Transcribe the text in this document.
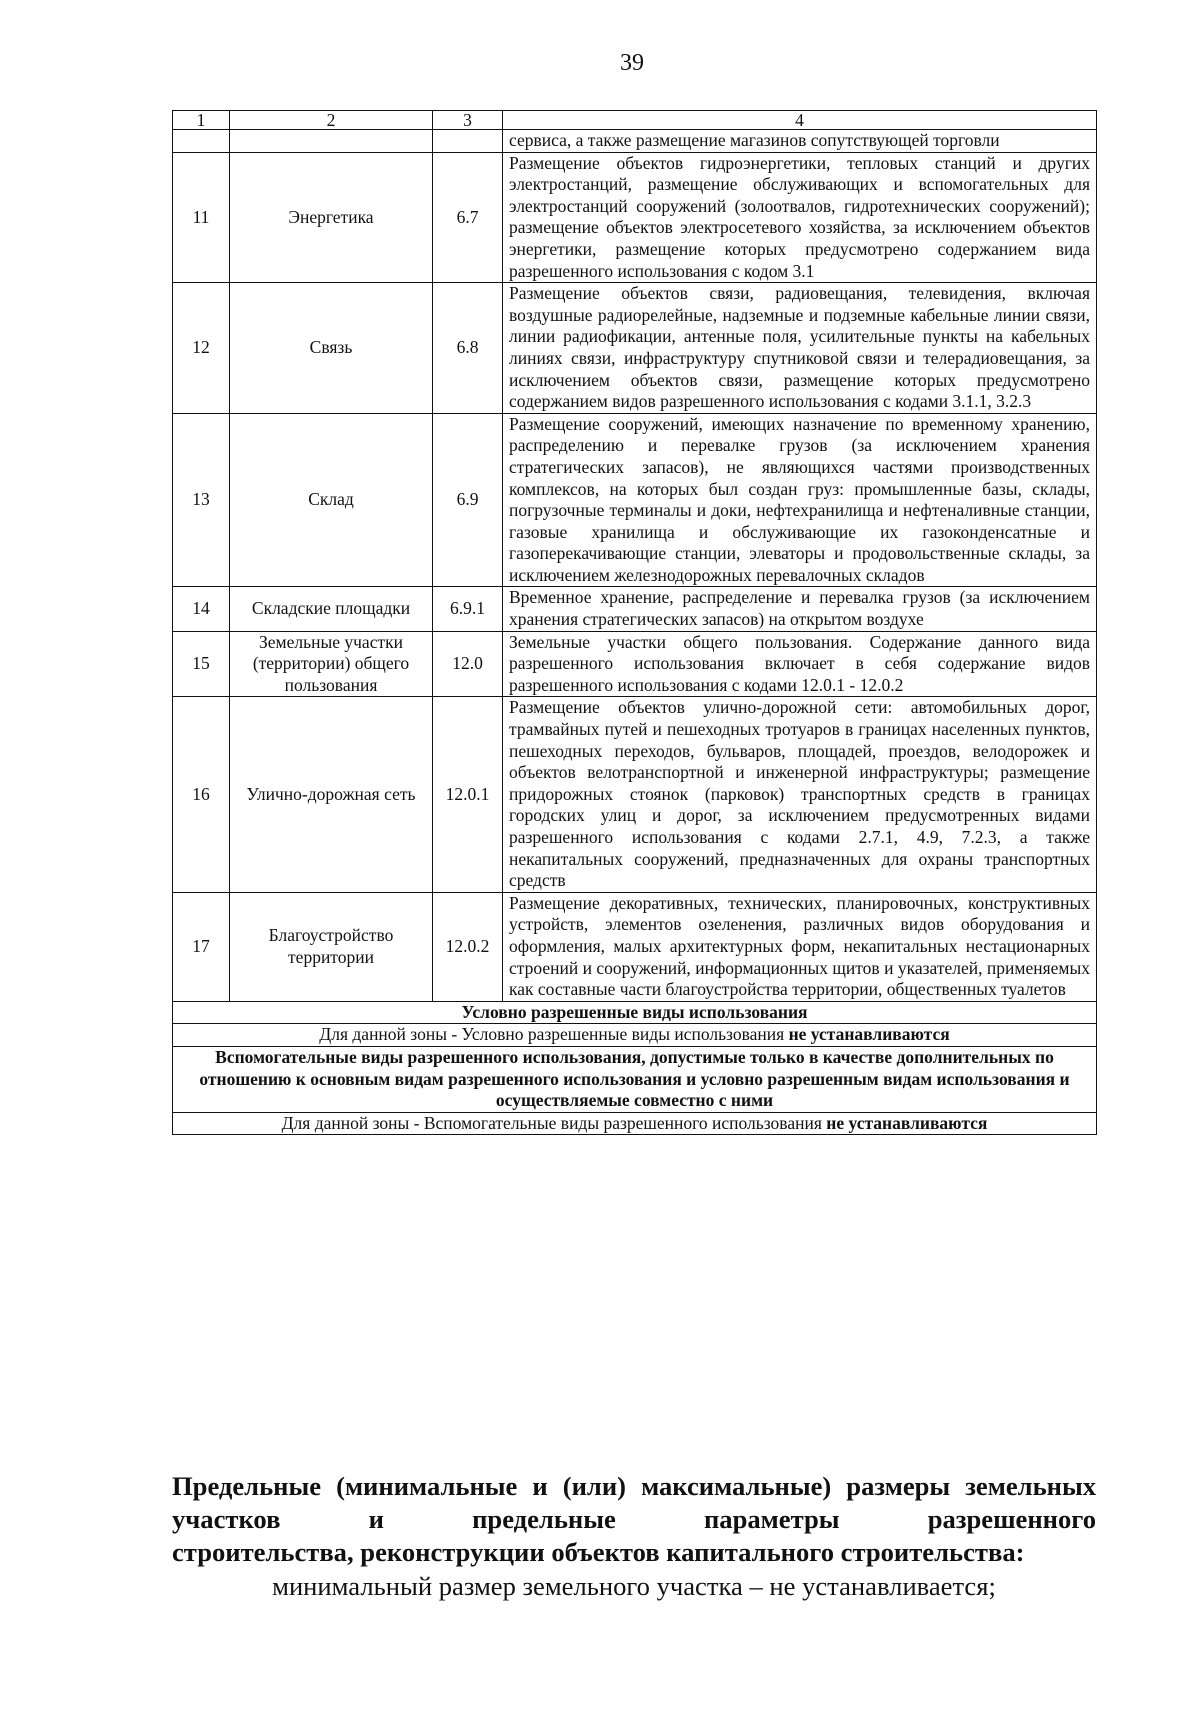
39
1	2	3	4
			сервиса, а также размещение магазинов сопутствующей торговли
11	Энергетика	6.7	Размещение объектов гидроэнергетики, тепловых станций и других электростанций, размещение обслуживающих и вспомогательных для электростанций сооружений (золоотвалов, гидротехнических сооружений); размещение объектов электросетевого хозяйства, за исключением объектов энергетики, размещение которых предусмотрено содержанием вида разрешенного использования с кодом 3.1
12	Связь	6.8	Размещение объектов связи, радиовещания, телевидения, включая воздушные радиорелейные, надземные и подземные кабельные линии связи, линии радиофикации, антенные поля, усилительные пункты на кабельных линиях связи, инфраструктуру спутниковой связи и телерадиовещания, за исключением объектов связи, размещение которых предусмотрено содержанием видов разрешенного использования с кодами 3.1.1, 3.2.3
13	Склад	6.9	Размещение сооружений, имеющих назначение по временному хранению, распределению и перевалке грузов (за исключением хранения стратегических запасов), не являющихся частями производственных комплексов, на которых был создан груз: промышленные базы, склады, погрузочные терминалы и доки, нефтехранилища и нефтеналивные станции, газовые хранилища и обслуживающие их газоконденсатные и газоперекачивающие станции, элеваторы и продовольственные склады, за исключением железнодорожных перевалочных складов
14	Складские площадки	6.9.1	Временное хранение, распределение и перевалка грузов (за исключением хранения стратегических запасов) на открытом воздухе
15	Земельные участки (территории) общего пользования	12.0	Земельные участки общего пользования. Содержание данного вида разрешенного использования включает в себя содержание видов разрешенного использования с кодами 12.0.1 - 12.0.2
16	Улично-дорожная сеть	12.0.1	Размещение объектов улично-дорожной сети: автомобильных дорог, трамвайных путей и пешеходных тротуаров в границах населенных пунктов, пешеходных переходов, бульваров, площадей, проездов, велодорожек и объектов велотранспортной и инженерной инфраструктуры; размещение придорожных стоянок (парковок) транспортных средств в границах городских улиц и дорог, за исключением предусмотренных видами разрешенного использования с кодами 2.7.1, 4.9, 7.2.3, а также некапитальных сооружений, предназначенных для охраны транспортных средств
17	Благоустройство территории	12.0.2	Размещение декоративных, технических, планировочных, конструктивных устройств, элементов озеленения, различных видов оборудования и оформления, малых архитектурных форм, некапитальных нестационарных строений и сооружений, информационных щитов и указателей, применяемых как составные части благоустройства территории, общественных туалетов
Условно разрешенные виды использования			
Для данной зоны - Условно разрешенные виды использования не устанавливаются			
Вспомогательные виды разрешенного использования, допустимые только в качестве дополнительных по отношению к основным видам разрешенного использования и условно разрешенным видам использования и осуществляемые совместно с ними			
Для данной зоны - Вспомогательные виды разрешенного использования не устанавливаются			
Предельные (минимальные и (или) максимальные) размеры земельных участков и предельные параметры разрешенного
строительства, реконструкции объектов капитального строительства:
минимальный размер земельного участка – не устанавливается;
